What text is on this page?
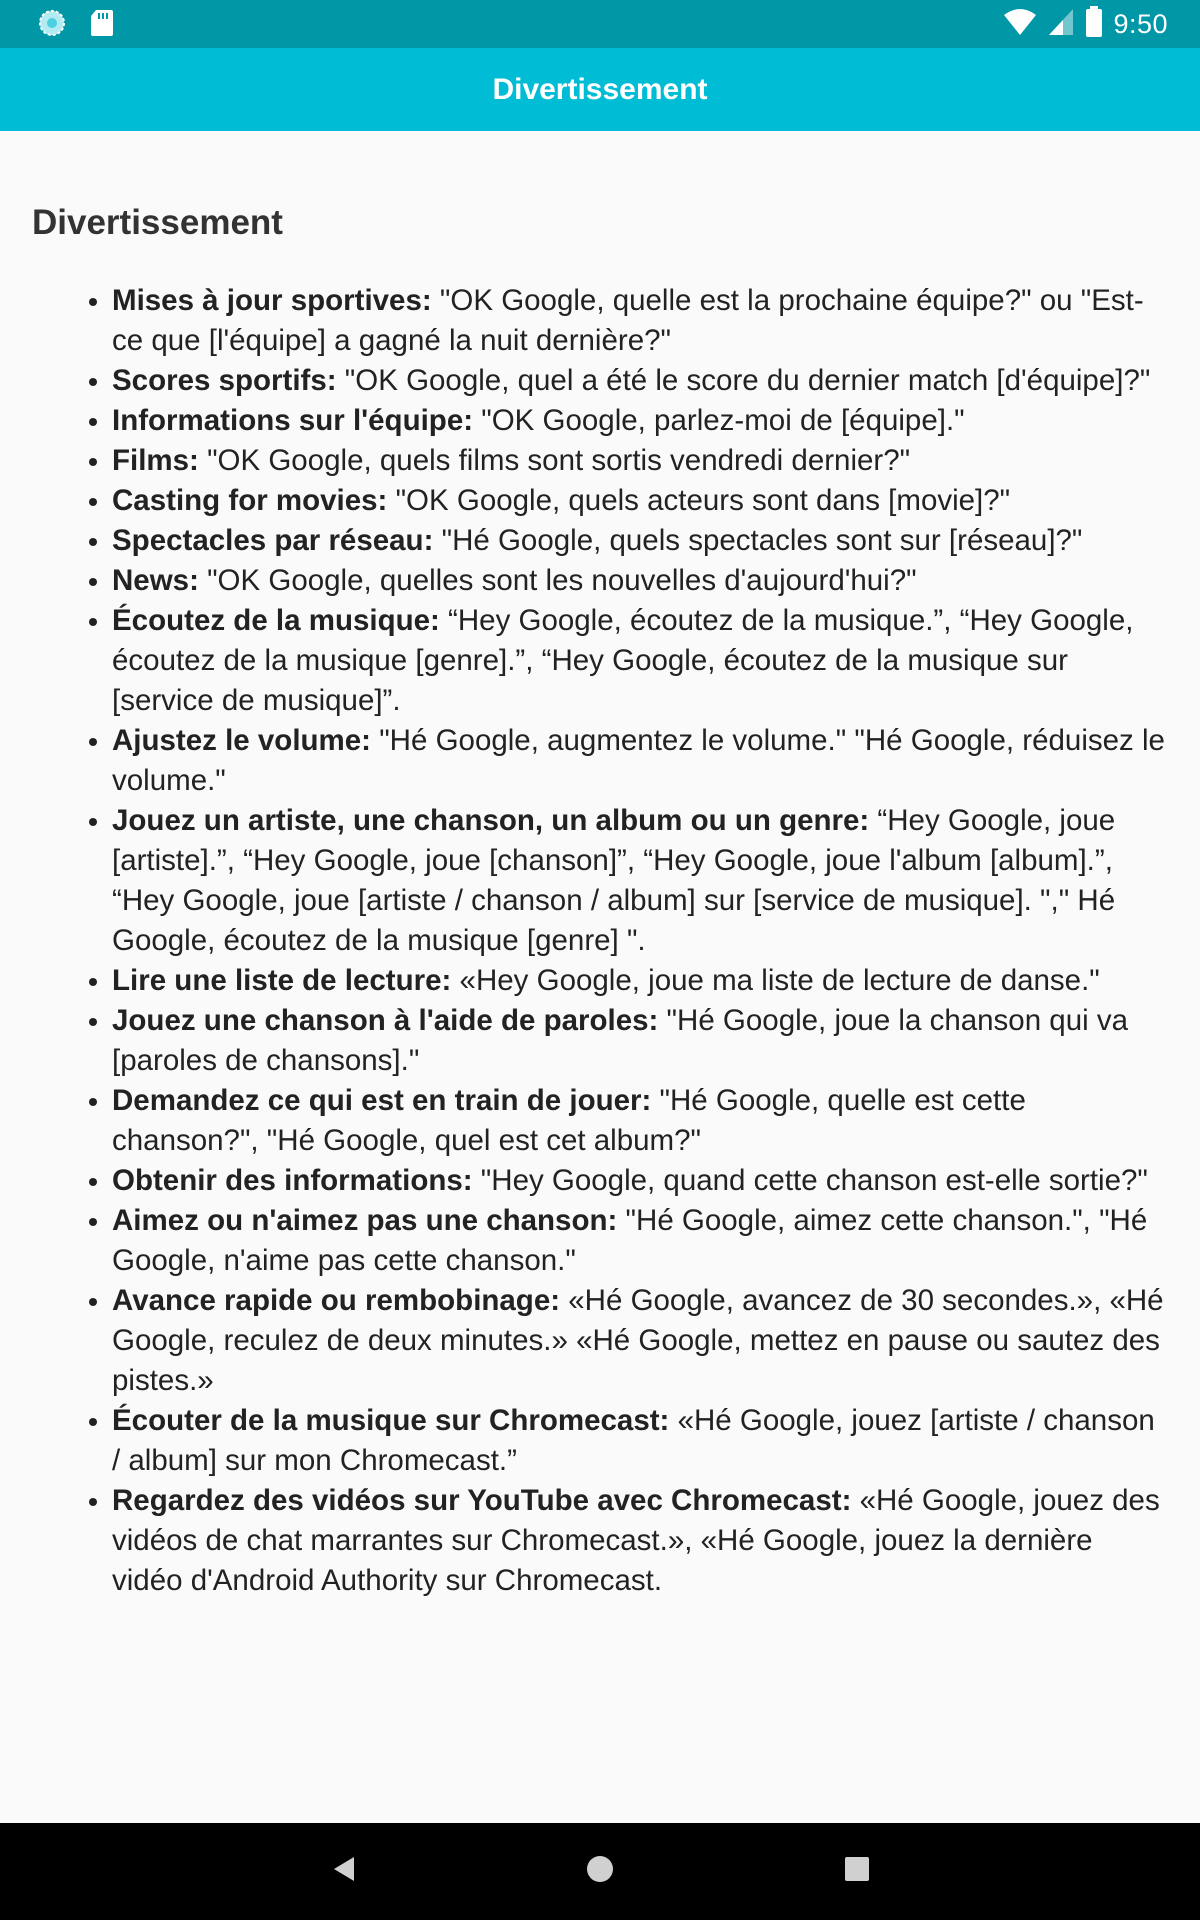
9:50
Divertissement
Divertissement
• Mises à jour sportives: "OK Google, quelle est la prochaine équipe?" ou "Est-ce que [l'équipe] a gagné la nuit dernière?"
• Scores sportifs: "OK Google, quel a été le score du dernier match [d'équipe]?"
• Informations sur l'équipe: "OK Google, parlez-moi de [équipe]."
• Films: "OK Google, quels films sont sortis vendredi dernier?"
• Casting for movies: "OK Google, quels acteurs sont dans [movie]?"
• Spectacles par réseau: "Hé Google, quels spectacles sont sur [réseau]?"
• News: "OK Google, quelles sont les nouvelles d'aujourd'hui?"
• Écoutez de la musique: “Hey Google, écoutez de la musique.”, “Hey Google, écoutez de la musique [genre].”, “Hey Google, écoutez de la musique sur [service de musique]”.
• Ajustez le volume: "Hé Google, augmentez le volume." "Hé Google, réduisez le volume."
• Jouez un artiste, une chanson, un album ou un genre: “Hey Google, joue [artiste].”, “Hey Google, joue [chanson]”, “Hey Google, joue l'album [album].”, “Hey Google, joue [artiste / chanson / album] sur [service de musique]. "," Hé Google, écoutez de la musique [genre] ".
• Lire une liste de lecture: «Hey Google, joue ma liste de lecture de danse."
• Jouez une chanson à l'aide de paroles: "Hé Google, joue la chanson qui va [paroles de chansons]."
• Demandez ce qui est en train de jouer: "Hé Google, quelle est cette chanson?", "Hé Google, quel est cet album?"
• Obtenir des informations: "Hey Google, quand cette chanson est-elle sortie?"
• Aimez ou n'aimez pas une chanson: "Hé Google, aimez cette chanson.", "Hé Google, n'aime pas cette chanson."
• Avance rapide ou rembobinage: «Hé Google, avancez de 30 secondes.», «Hé Google, reculez de deux minutes.» «Hé Google, mettez en pause ou sautez des pistes.»
• Écouter de la musique sur Chromecast: «Hé Google, jouez [artiste / chanson / album] sur mon Chromecast.”
• Regardez des vidéos sur YouTube avec Chromecast: «Hé Google, jouez des vidéos de chat marrantes sur Chromecast.», «Hé Google, jouez la dernière vidéo d'Android Authority sur Chromecast.
